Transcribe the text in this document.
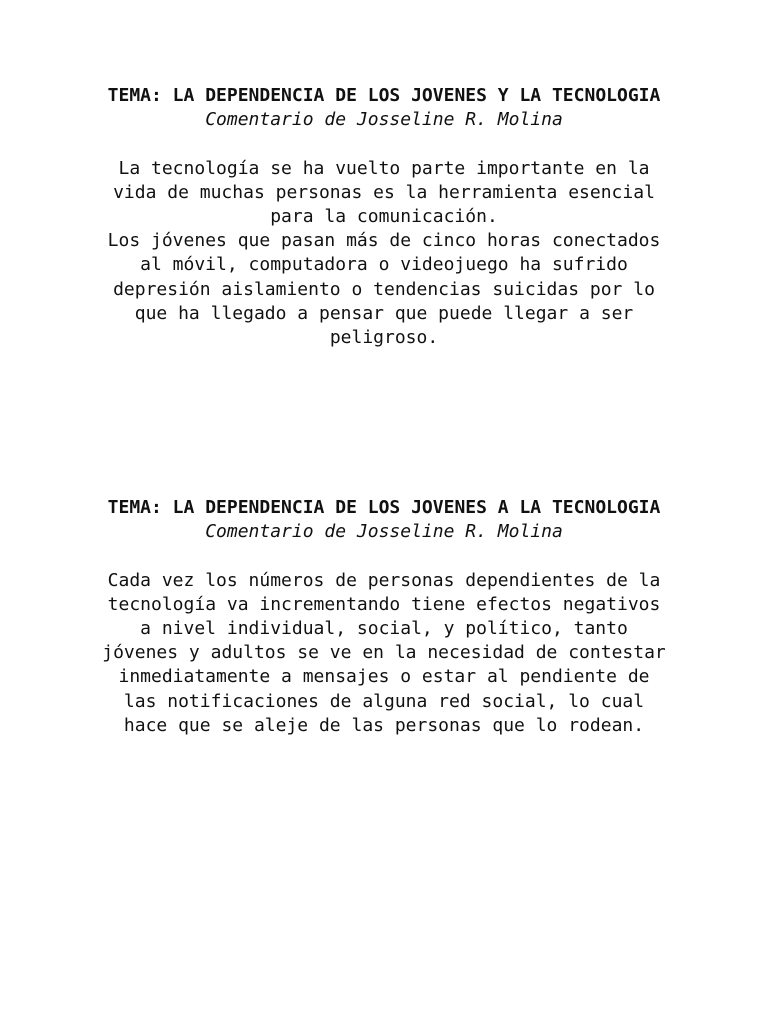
TEMA: LA DEPENDENCIA DE LOS JOVENES Y LA TECNOLOGIA

Comentario de Josseline R. Molina

La tecnología se ha vuelto parte importante en la vida de muchas personas es la herramienta esencial para la comunicación.

Los jóvenes que pasan más de cinco horas conectados al móvil, computadora o videojuego ha sufrido depresión aislamiento o tendencias suicidas por lo que ha llegado a pensar que puede llegar a ser peligroso.

TEMA: LA DEPENDENCIA DE LOS JOVENES A LA TECNOLOGIA

Comentario de Josseline R. Molina

Cada vez los números de personas dependientes de la tecnología va incrementando tiene efectos negativos a nivel individual, social, y político, tanto jóvenes y adultos se ve en la necesidad de contestar inmediatamente a mensajes o estar al pendiente de las notificaciones de alguna red social, lo cual hace que se aleje de las personas que lo rodean.
